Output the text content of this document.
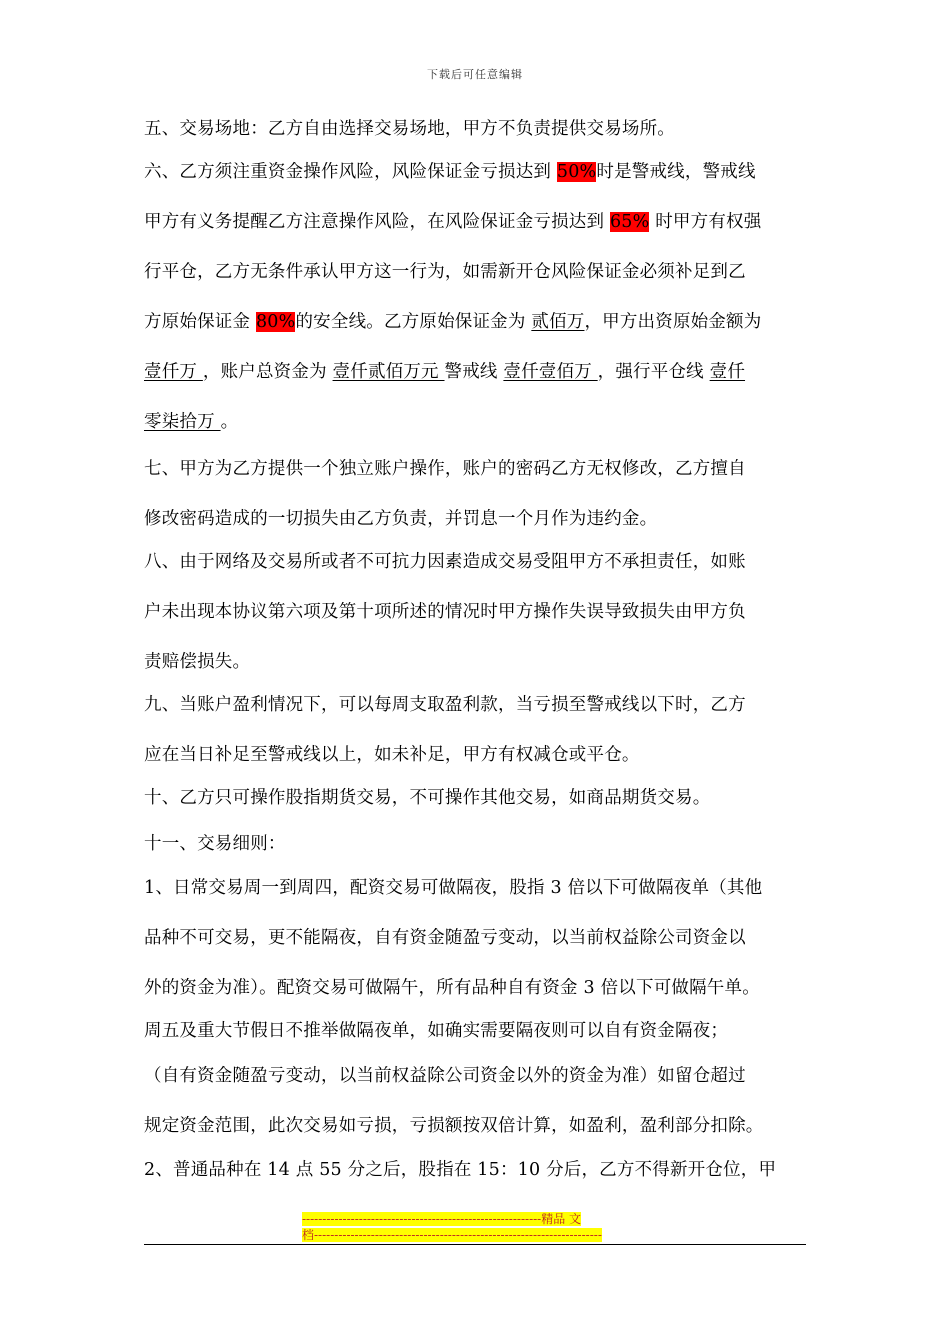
下载后可任意编辑
五、交易场地：乙方自由选择交易场地，甲方不负责提供交易场所。
六、乙方须注重资金操作风险，风险保证金亏损达到 50%时是警戒线，警戒线
甲方有义务提醒乙方注意操作风险，在风险保证金亏损达到 65% 时甲方有权强
行平仓，乙方无条件承认甲方这一行为，如需新开仓风险保证金必须补足到乙
方原始保证金 80%的安全线。乙方原始保证金为 贰佰万，甲方出资原始金额为
壹仟万 ，账户总资金为 壹仟贰佰万元 警戒线 壹仟壹佰万 ，强行平仓线 壹仟
零柒拾万 。
七、甲方为乙方提供一个独立账户操作，账户的密码乙方无权修改，乙方擅自
修改密码造成的一切损失由乙方负责，并罚息一个月作为违约金。
八、由于网络及交易所或者不可抗力因素造成交易受阻甲方不承担责任，如账
户未出现本协议第六项及第十项所述的情况时甲方操作失误导致损失由甲方负
责赔偿损失。
九、当账户盈利情况下，可以每周支取盈利款，当亏损至警戒线以下时，乙方
应在当日补足至警戒线以上，如未补足，甲方有权减仓或平仓。
十、乙方只可操作股指期货交易，不可操作其他交易，如商品期货交易。
十一、交易细则：
1、日常交易周一到周四，配资交易可做隔夜，股指 3 倍以下可做隔夜单（其他
品种不可交易，更不能隔夜，自有资金随盈亏变动，以当前权益除公司资金以
外的资金为准）。配资交易可做隔午，所有品种自有资金 3 倍以下可做隔午单。
周五及重大节假日不推举做隔夜单，如确实需要隔夜则可以自有资金隔夜；
（自有资金随盈亏变动，以当前权益除公司资金以外的资金为准）如留仓超过
规定资金范围，此次交易如亏损，亏损额按双倍计算，如盈利，盈利部分扣除。
2、普通品种在 14 点 55 分之后，股指在 15：10 分后，乙方不得新开仓位，甲
-----------------------------------------------------------精品 文
档-----------------------------------------------------------------------
